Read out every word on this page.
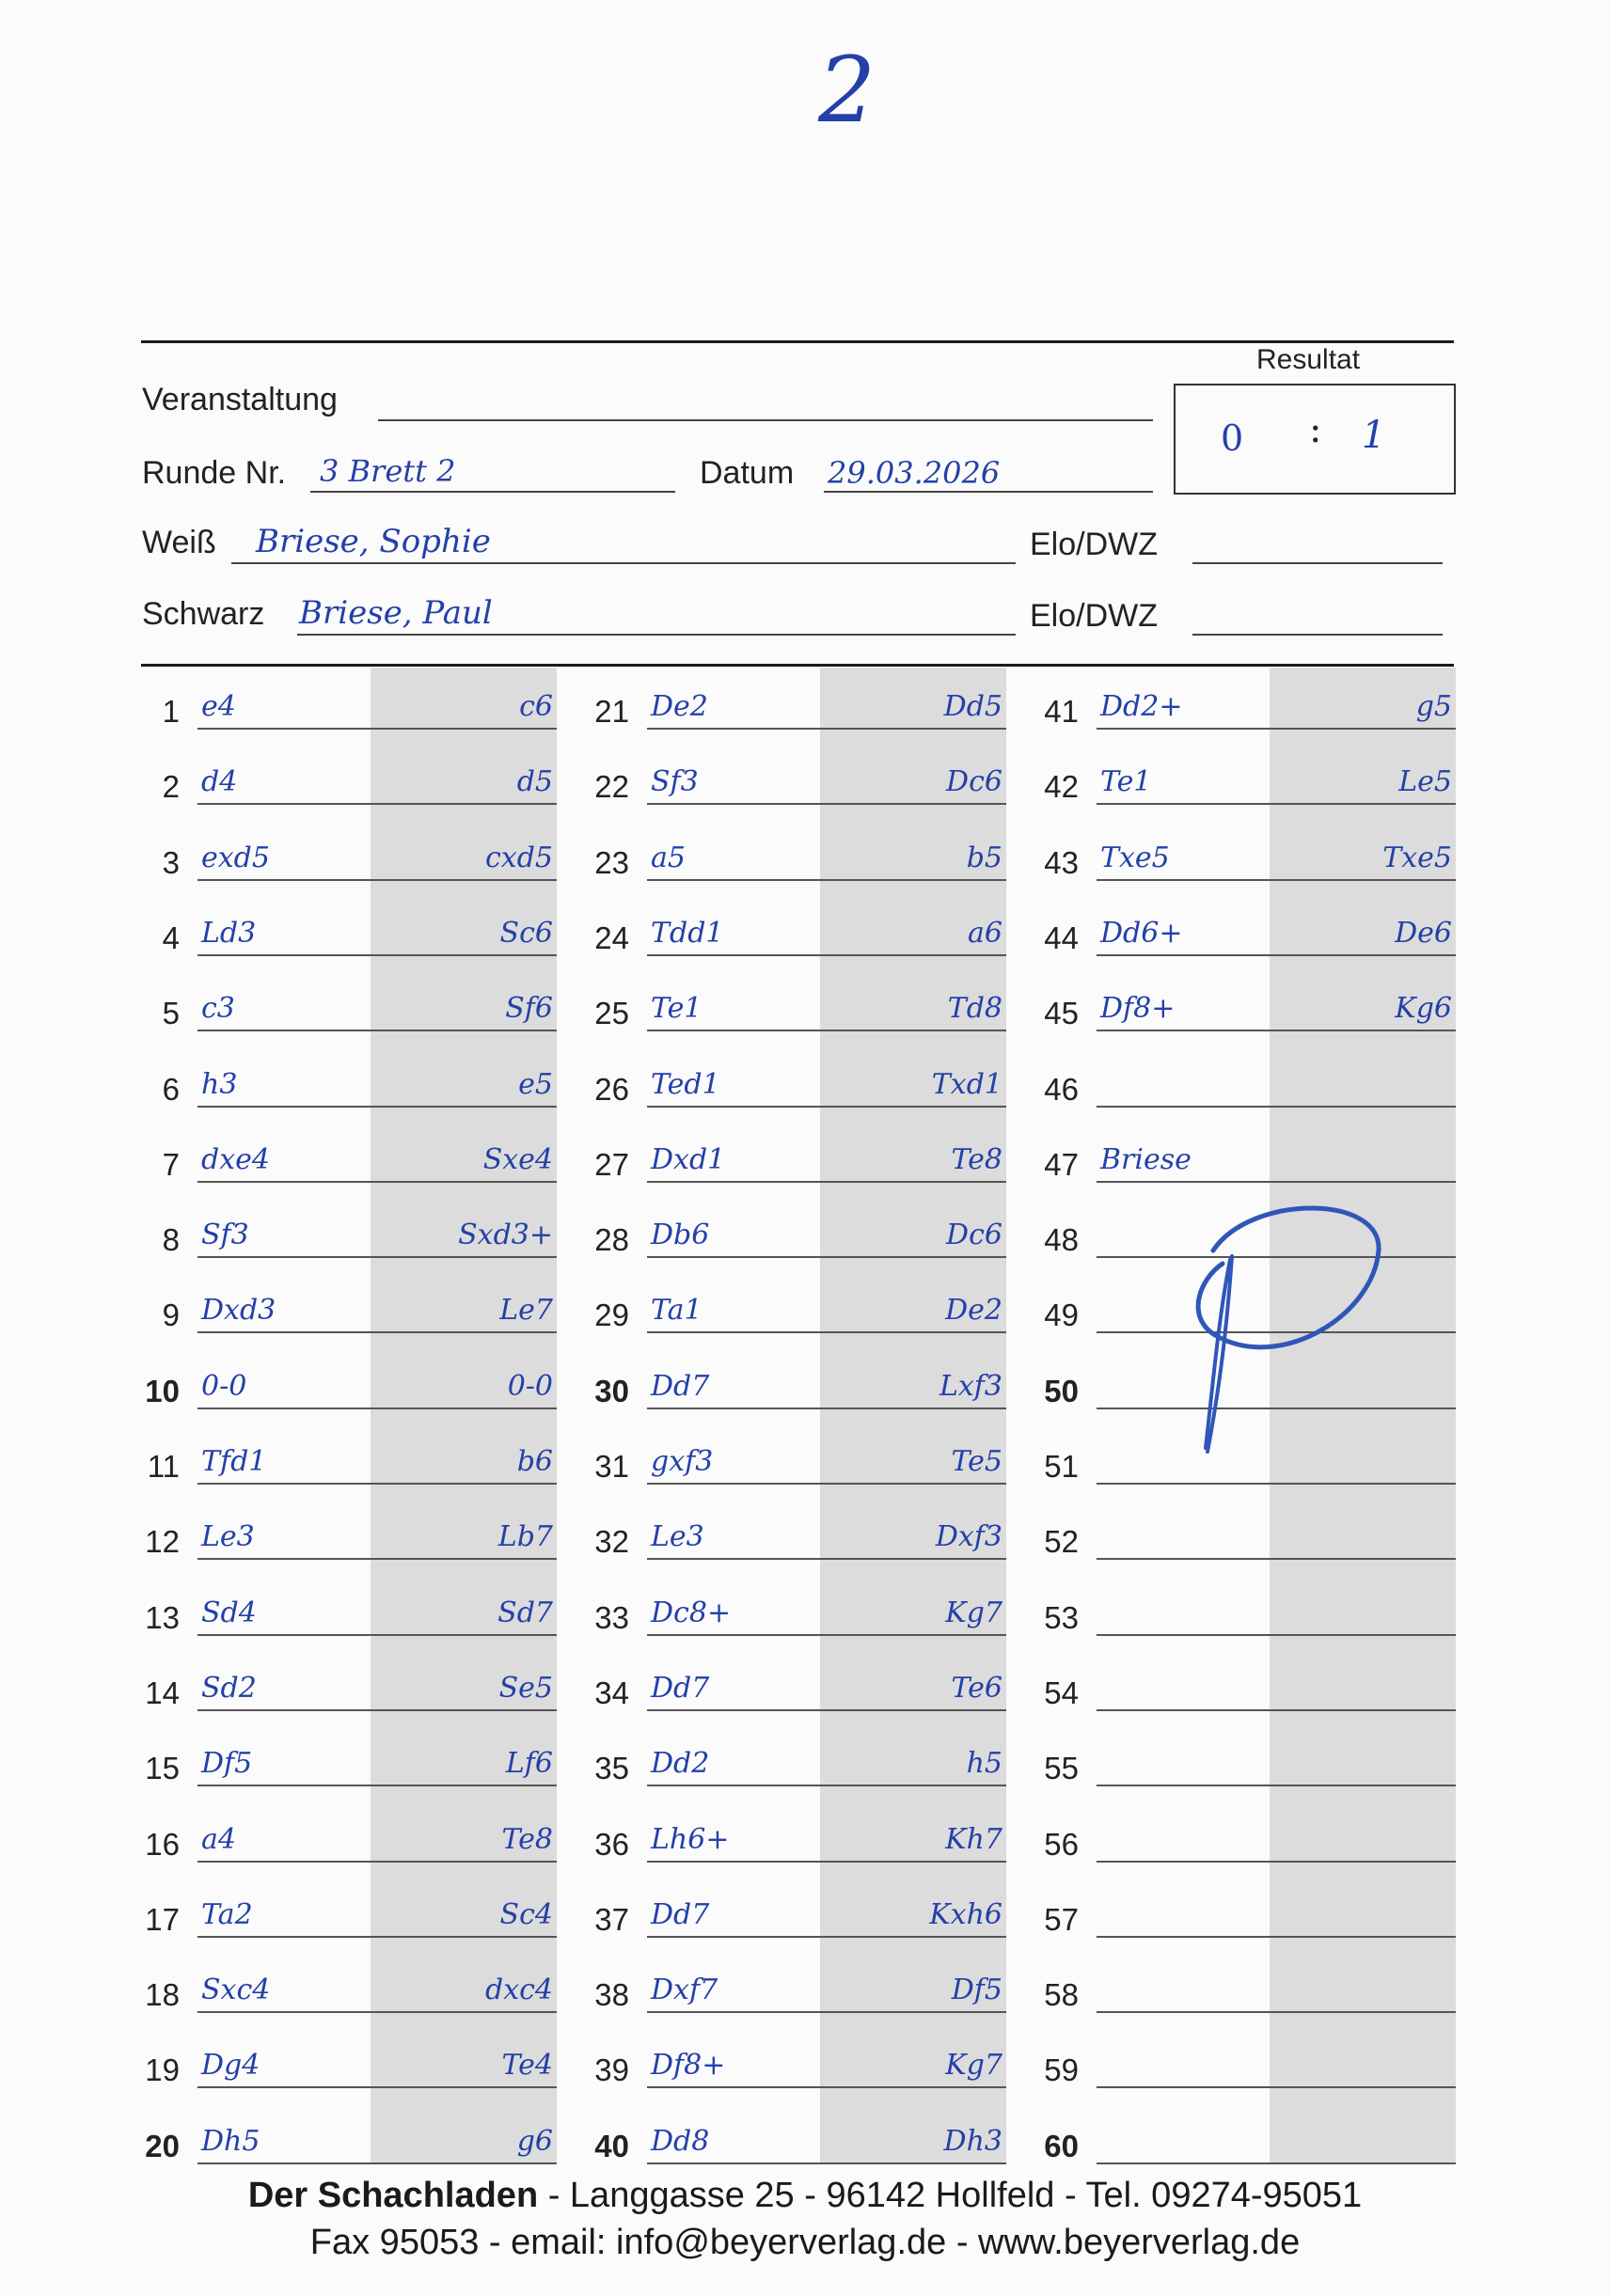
2
Resultat
0 : 1
Veranstaltung
Runde Nr. 3 Brett 2	Datum 29.03.2026
Weiß Briese, Sophie	Elo/DWZ
Schwarz Briese, Paul	Elo/DWZ
1 e4	c6
2 d4	d5
3 exd5	cxd5
4 Ld3	Sc6
5 c3	Sf6
6 h3	e5
7 dxe4	Sxe4
8 Sf3	Sxd3+
9 Dxd3	Le7
10 0-0	0-0
11 Tfd1	b6
12 Le3	Lb7
13 Sd4	Sd7
14 Sd2	Se5
15 Df5	Lf6
16 a4	Te8
17 Ta2	Sc4
18 Sxc4	dxc4
19 Dg4	Te4
20 Dh5	g6
21 De2	Dd5
22 Sf3	Dc6
23 a5	b5
24 Tdd1	a6
25 Te1	Td8
26 Ted1	Txd1
27 Dxd1	Te8
28 Db6	Dc6
29 Ta1	De2
30 Dd7	Lxf3
31 gxf3	Te5
32 Le3	Dxf3
33 Dc8+	Kg7
34 Dd7	Te6
35 Dd2	h5
36 Lh6+	Kh7
37 Dd7	Kxh6
38 Dxf7	Df5
39 Df8+	Kg7
40 Dd8	Dh3
41 Dd2+	g5
42 Te1	Le5
43 Txe5	Txe5
44 Dd6+	De6
45 Df8+	Kg6
46
47 Briese
48
49
50
51
52
53
54
55
56
57
58
59
60
Der Schachladen - Langgasse 25 - 96142 Hollfeld - Tel. 09274-95051
Fax 95053 - email: info@beyerverlag.de - www.beyerverlag.de
